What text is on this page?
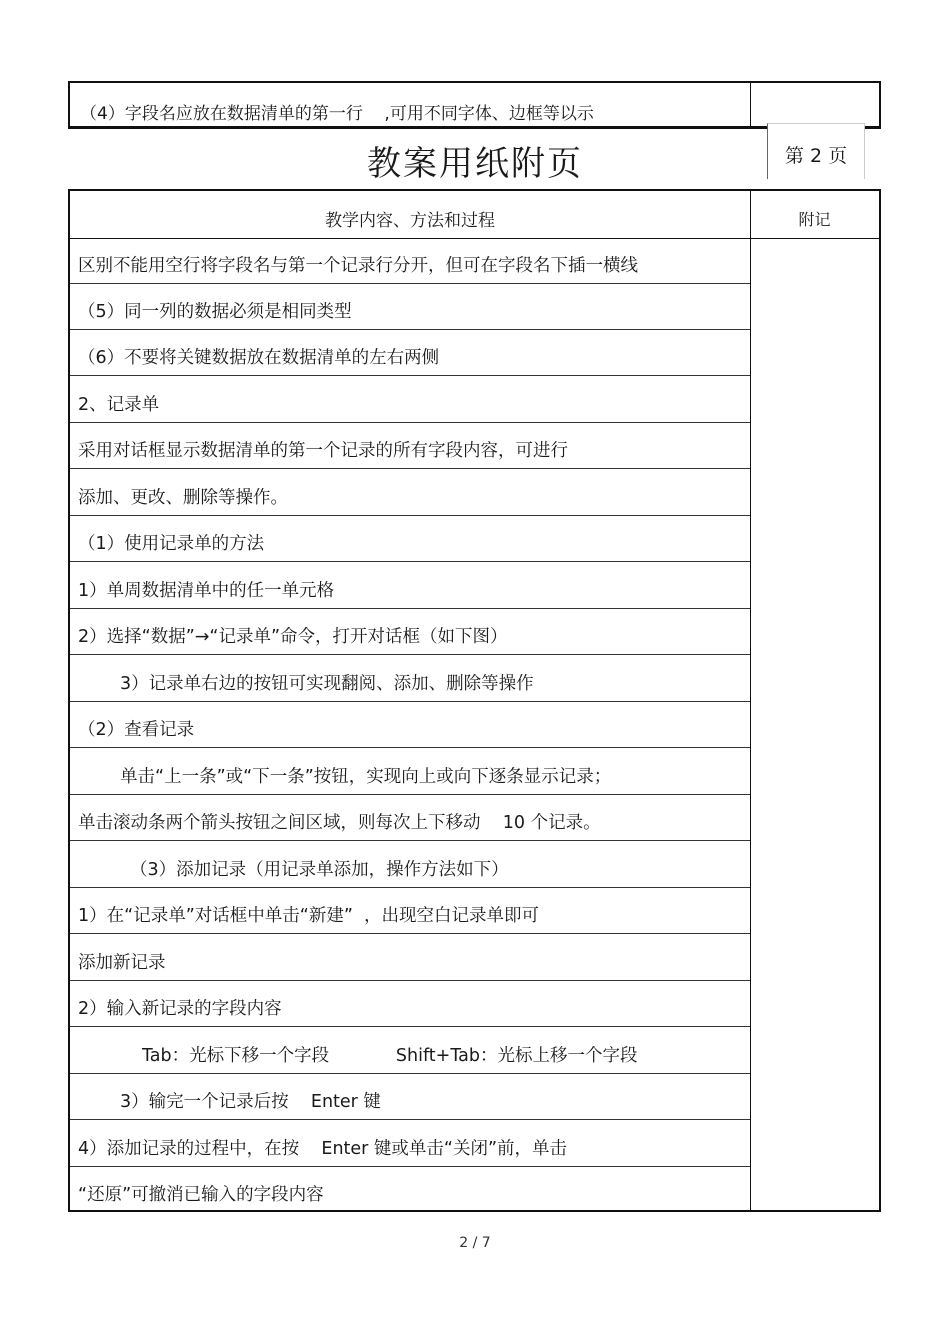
（4）字段名应放在数据清单的第一行    ,可用不同字体、边框等以示
教案用纸附页	第 2 页
教学内容、方法和过程	附记
区别不能用空行将字段名与第一个记录行分开，但可在字段名下插一横线
（5）同一列的数据必须是相同类型
（6）不要将关键数据放在数据清单的左右两侧
2、记录单
采用对话框显示数据清单的第一个记录的所有字段内容，可进行
添加、更改、删除等操作。
（1）使用记录单的方法
1）单周数据清单中的任一单元格
2）选择“数据”→“记录单”命令，打开对话框（如下图）
3）记录单右边的按钮可实现翻阅、添加、删除等操作
（2）查看记录
单击“上一条”或“下一条”按钮，实现向上或向下逐条显示记录；
单击滚动条两个箭头按钮之间区域，则每次上下移动    10 个记录。
（3）添加记录（用记录单添加，操作方法如下）
1）在“记录单”对话框中单击“新建”  ，出现空白记录单即可
添加新记录
2）输入新记录的字段内容
Tab：光标下移一个字段            Shift+Tab：光标上移一个字段
3）输完一个记录后按    Enter 键
4）添加记录的过程中，在按    Enter 键或单击“关闭”前，单击
“还原”可撤消已输入的字段内容
2 / 7
